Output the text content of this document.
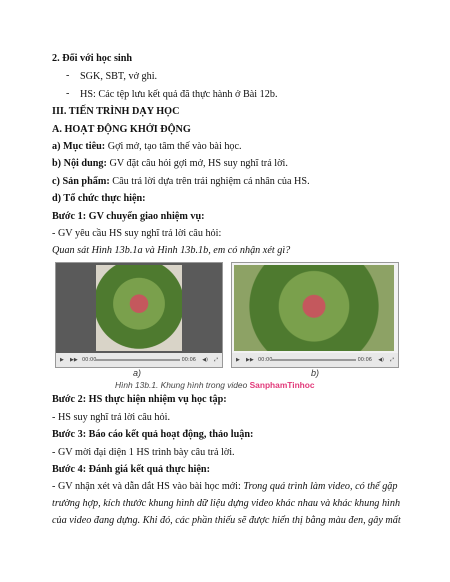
2. Đối với học sinh
- SGK, SBT, vở ghi.
- HS: Các tệp lưu kết quả đã thực hành ở Bài 12b.
III. TIẾN TRÌNH DẠY HỌC
A. HOẠT ĐỘNG KHỞI ĐỘNG
a) Mục tiêu: Gợi mở, tạo tâm thế vào bài học.
b) Nội dung: GV đặt câu hỏi gợi mở, HS suy nghĩ trả lời.
c) Sản phẩm: Câu trả lời dựa trên trải nghiệm cá nhân của HS.
d) Tổ chức thực hiện:
Bước 1: GV chuyển giao nhiệm vụ:
- GV yêu cầu HS suy nghĩ trả lời câu hỏi:
Quan sát Hình 13b.1a và Hình 13b.1b, em có nhận xét gì?
▶ ▶▶ 00:00	00:06 ◀) ⤢	▶ ▶▶ 00:00	00:06 ◀) ⤢
a)	b)
Hình 13b.1. Khung hình trong video SanphamTinhoc
Bước 2: HS thực hiện nhiệm vụ học tập:
- HS suy nghĩ trả lời câu hỏi.
Bước 3: Báo cáo kết quả hoạt động, thảo luận:
- GV mời đại diện 1 HS trình bày câu trả lời.
Bước 4: Đánh giá kết quả thực hiện:
- GV nhận xét và dẫn dắt HS vào bài học mới: Trong quá trình làm video, có thể gặp
trường hợp, kích thước khung hình dữ liệu dựng video khác nhau và khác khung hình
của video đang dựng. Khi đó, các phần thiếu sẽ được hiển thị bằng màu đen, gây mất
